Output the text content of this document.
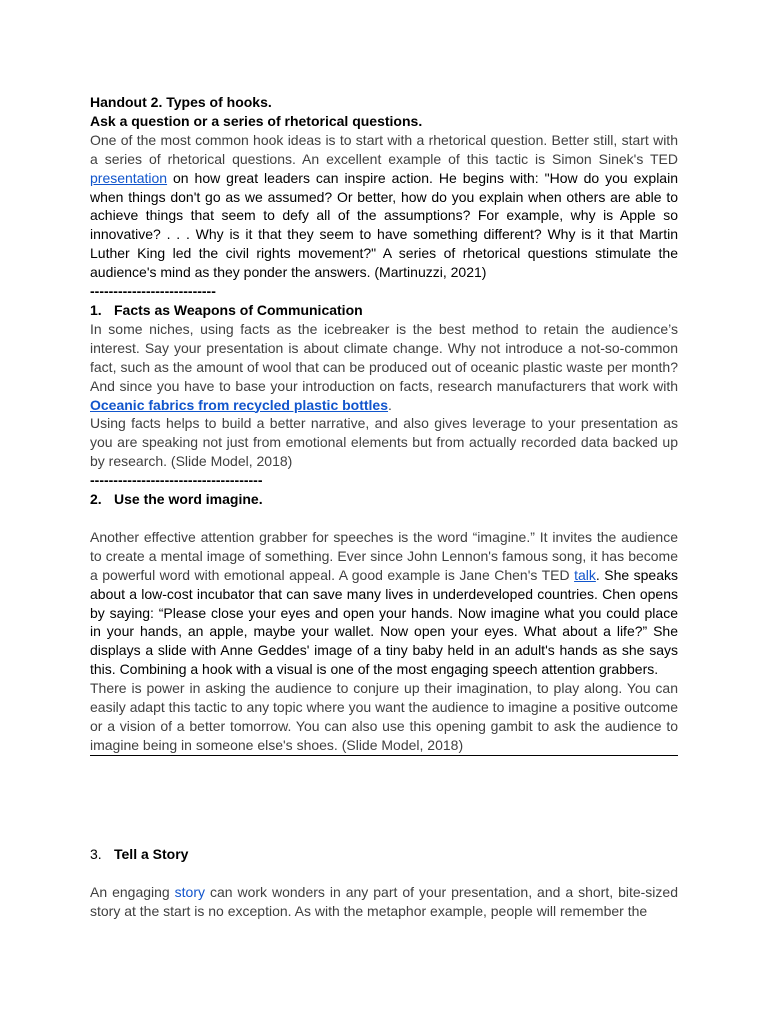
Handout 2. Types of hooks.

Ask a question or a series of rhetorical questions.

One of the most common hook ideas is to start with a rhetorical question. Better still, start with a series of rhetorical questions. An excellent example of this tactic is Simon Sinek's TED presentation on how great leaders can inspire action. He begins with: "How do you explain when things don't go as we assumed? Or better, how do you explain when others are able to achieve things that seem to defy all of the assumptions? For example, why is Apple so innovative? . . . Why is it that they seem to have something different? Why is it that Martin Luther King led the civil rights movement?" A series of rhetorical questions stimulate the audience's mind as they ponder the answers. (Martinuzzi, 2021)

---------------------------

1. Facts as Weapons of Communication

In some niches, using facts as the icebreaker is the best method to retain the audience’s interest. Say your presentation is about climate change. Why not introduce a not-so-common fact, such as the amount of wool that can be produced out of oceanic plastic waste per month? And since you have to base your introduction on facts, research manufacturers that work with Oceanic fabrics from recycled plastic bottles.

Using facts helps to build a better narrative, and also gives leverage to your presentation as you are speaking not just from emotional elements but from actually recorded data backed up by research. (Slide Model, 2018)

-------------------------------------

2. Use the word imagine.

Another effective attention grabber for speeches is the word “imagine.” It invites the audience to create a mental image of something. Ever since John Lennon's famous song, it has become a powerful word with emotional appeal. A good example is Jane Chen's TED talk. She speaks about a low-cost incubator that can save many lives in underdeveloped countries. Chen opens by saying: “Please close your eyes and open your hands. Now imagine what you could place in your hands, an apple, maybe your wallet. Now open your eyes. What about a life?” She displays a slide with Anne Geddes' image of a tiny baby held in an adult's hands as she says this. Combining a hook with a visual is one of the most engaging speech attention grabbers.

There is power in asking the audience to conjure up their imagination, to play along. You can easily adapt this tactic to any topic where you want the audience to imagine a positive outcome or a vision of a better tomorrow. You can also use this opening gambit to ask the audience to imagine being in someone else's shoes. (Slide Model, 2018)

3. Tell a Story

An engaging story can work wonders in any part of your presentation, and a short, bite-sized story at the start is no exception. As with the metaphor example, people will remember the
